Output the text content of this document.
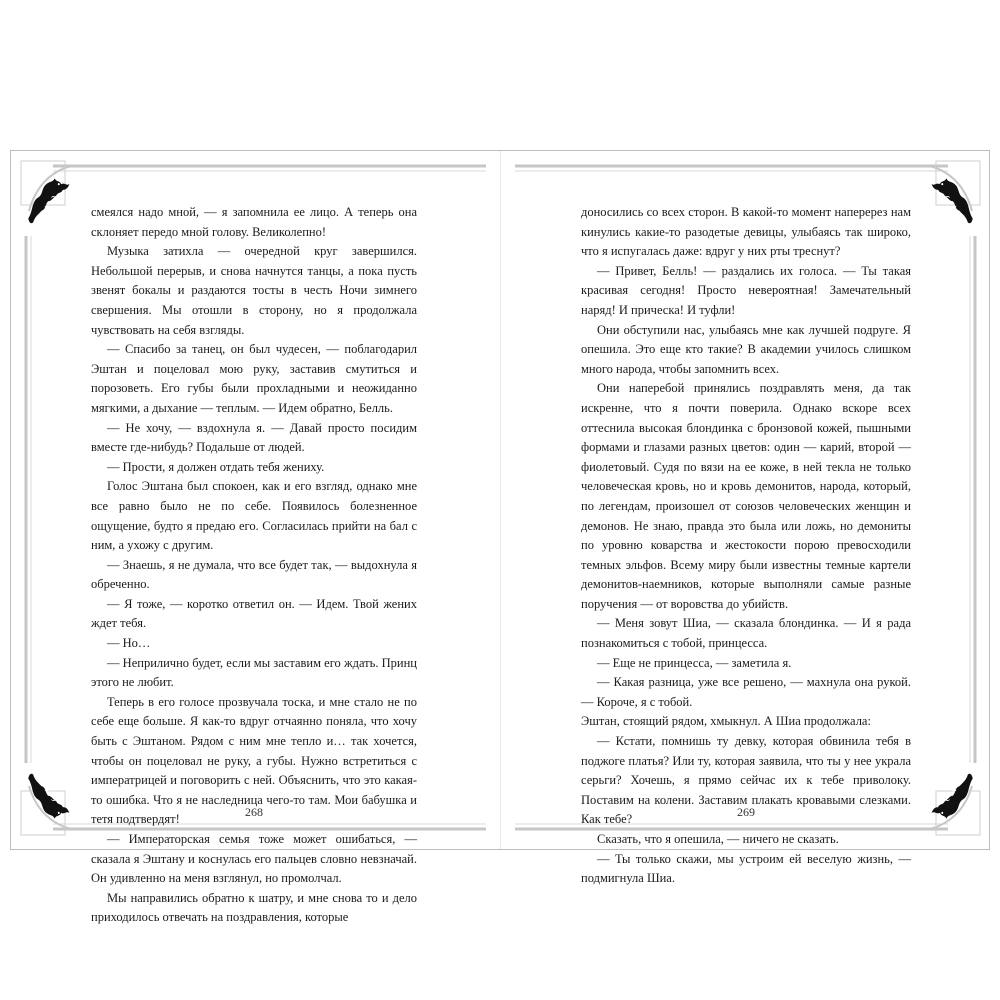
смеялся надо мной, — я запомнила ее лицо. А теперь она склоняет передо мной голову. Великолепно!

Музыка затихла — очередной круг завершился. Небольшой перерыв, и снова начнутся танцы, а пока пусть звенят бокалы и раздаются тосты в честь Ночи зимнего свершения. Мы отошли в сторону, но я продолжала чувствовать на себя взгляды.

— Спасибо за танец, он был чудесен, — поблагодарил Эштан и поцеловал мою руку, заставив смутиться и порозоветь. Его губы были прохладными и неожиданно мягкими, а дыхание — теплым. — Идем обратно, Белль.

— Не хочу, — вздохнула я. — Давай просто посидим вместе где-нибудь? Подальше от людей.

— Прости, я должен отдать тебя жениху.

Голос Эштана был спокоен, как и его взгляд, однако мне все равно было не по себе. Появилось болезненное ощущение, будто я предаю его. Согласилась прийти на бал с ним, а ухожу с другим.

— Знаешь, я не думала, что все будет так, — выдохнула я обреченно.

— Я тоже, — коротко ответил он. — Идем. Твой жених ждет тебя.

— Но…

— Неприлично будет, если мы заставим его ждать. Принц этого не любит.

Теперь в его голосе прозвучала тоска, и мне стало не по себе еще больше. Я как-то вдруг отчаянно поняла, что хочу быть с Эштаном. Рядом с ним мне тепло и… так хочется, чтобы он поцеловал не руку, а губы. Нужно встретиться с императрицей и поговорить с ней. Объяснить, что это какая-то ошибка. Что я не наследница чего-то там. Мои бабушка и тетя подтвердят!

— Императорская семья тоже может ошибаться, — сказала я Эштану и коснулась его пальцев словно невзначай. Он удивленно на меня взглянул, но промолчал.

Мы направились обратно к шатру, и мне снова то и дело приходилось отвечать на поздравления, которые

268

доносились со всех сторон. В какой-то момент наперерез нам кинулись какие-то разодетые девицы, улыбаясь так широко, что я испугалась даже: вдруг у них рты треснут?

— Привет, Белль! — раздались их голоса. — Ты такая красивая сегодня! Просто невероятная! Замечательный наряд! И прическа! И туфли!

Они обступили нас, улыбаясь мне как лучшей подруге. Я опешила. Это еще кто такие? В академии училось слишком много народа, чтобы запомнить всех.

Они наперебой принялись поздравлять меня, да так искренне, что я почти поверила. Однако вскоре всех оттеснила высокая блондинка с бронзовой кожей, пышными формами и глазами разных цветов: один — карий, второй — фиолетовый. Судя по вязи на ее коже, в ней текла не только человеческая кровь, но и кровь демонитов, народа, который, по легендам, произошел от союзов человеческих женщин и демонов. Не знаю, правда это была или ложь, но демониты по уровню коварства и жестокости порою превосходили темных эльфов. Всему миру были известны темные картели демонитов-наемников, которые выполняли самые разные поручения — от воровства до убийств.

— Меня зовут Шиа, — сказала блондинка. — И я рада познакомиться с тобой, принцесса.

— Еще не принцесса, — заметила я.

— Какая разница, уже все решено, — махнула она рукой. — Короче, я с тобой.

Эштан, стоящий рядом, хмыкнул. А Шиа продолжала:

— Кстати, помнишь ту девку, которая обвинила тебя в поджоге платья? Или ту, которая заявила, что ты у нее украла серьги? Хочешь, я прямо сейчас их к тебе приволоку. Поставим на колени. Заставим плакать кровавыми слезками. Как тебе?

Сказать, что я опешила, — ничего не сказать.

— Ты только скажи, мы устроим ей веселую жизнь, — подмигнула Шиа.

269
